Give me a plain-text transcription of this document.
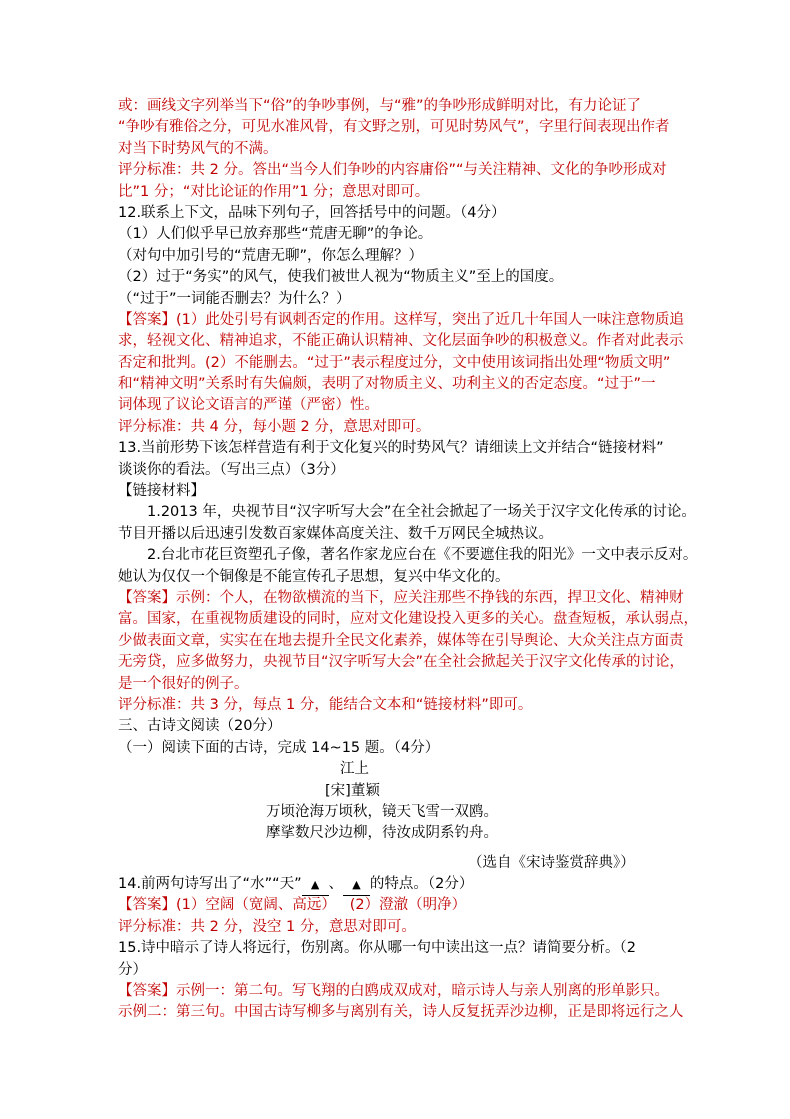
或：画线文字列举当下“俗”的争吵事例，与“雅”的争吵形成鲜明对比，有力论证了
“争吵有雅俗之分，可见水准风骨，有文野之别，可见时势风气”，字里行间表现出作者
对当下时势风气的不满。
评分标准：共 2 分。答出“当今人们争吵的内容庸俗”“与关注精神、文化的争吵形成对
比”1 分；“对比论证的作用”1 分；意思对即可。
12.联系上下文，品味下列句子，回答括号中的问题。（4分）
（1）人们似乎早已放弃那些“荒唐无聊”的争论。
（对句中加引号的“荒唐无聊”，你怎么理解？）
（2）过于“务实”的风气，使我们被世人视为“物质主义”至上的国度。
（“过于”一词能否删去？为什么？）
【答案】(1）此处引号有讽刺否定的作用。这样写，突出了近几十年国人一味注意物质追
求，轻视文化、精神追求，不能正确认识精神、文化层面争吵的积极意义。作者对此表示
否定和批判。(2）不能删去。“过于”表示程度过分，文中使用该词指出处理“物质文明”
和“精神文明”关系时有失偏颇，表明了对物质主义、功利主义的否定态度。“过于”一
词体现了议论文语言的严谨（严密）性。
评分标准：共 4 分，每小题 2 分，意思对即可。
13.当前形势下该怎样营造有利于文化复兴的时势风气？请细读上文并结合“链接材料”
谈谈你的看法。（写出三点）（3分）
【链接材料】
1.2013 年，央视节目“汉字听写大会”在全社会掀起了一场关于汉字文化传承的讨论。
节目开播以后迅速引发数百家媒体高度关注、数千万网民全城热议。
2.台北市花巨资塑孔子像，著名作家龙应台在《不要遮住我的阳光》一文中表示反对。
她认为仅仅一个铜像是不能宣传孔子思想，复兴中华文化的。
【答案】示例：个人，在物欲横流的当下，应关注那些不挣钱的东西，捍卫文化、精神财
富。国家，在重视物质建设的同时，应对文化建设投入更多的关心。盘查短板，承认弱点，
少做表面文章，实实在在地去提升全民文化素养，媒体等在引导舆论、大众关注点方面责
无旁贷，应多做努力，央视节目“汉字听写大会”在全社会掀起关于汉字文化传承的讨论，
是一个很好的例子。
评分标准：共 3 分，每点 1 分，能结合文本和“链接材料”即可。
三、古诗文阅读（20分）
（一）阅读下面的古诗，完成 14~15 题。（4分）
江上
[宋]董颖
万顷沧海万顷秋，镜天飞雪一双鸥。
摩挲数尺沙边柳，待汝成阴系钓舟。
（选自《宋诗鉴赏辞典》）
14.前两句诗写出了“水”“天” ▲ 、 ▲ 的特点。（2分）
【答案】(1）空阔（宽阔、高远）   (2）澄澈（明净）
评分标准：共 2 分，没空 1 分，意思对即可。
15.诗中暗示了诗人将远行，伤别离。你从哪一句中读出这一点？请简要分析。（2
分）
【答案】示例一：第二句。写飞翔的白鸥成双成对，暗示诗人与亲人别离的形单影只。
示例二：第三句。中国古诗写柳多与离别有关，诗人反复抚弄沙边柳，正是即将远行之人
